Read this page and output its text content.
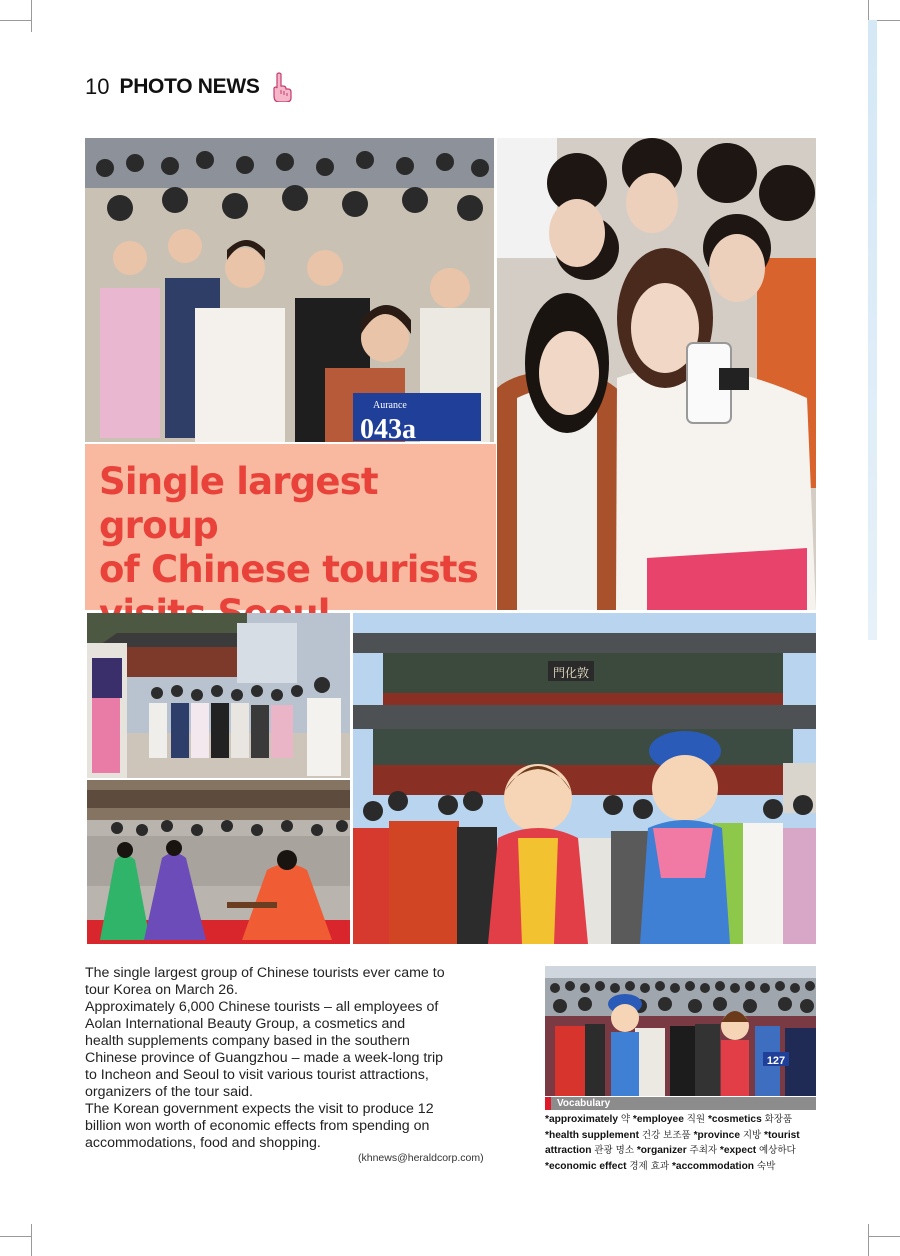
10 PHOTO NEWS
Aurance
043a
Single largest group
of Chinese tourists
門化敦

The single largest group of Chinese tourists ever came to tour Korea on March 26.

Approximately 6,000 Chinese tourists – all employees of Aolan International Beauty Group, a cosmetics and health supplements company based in the southern Chinese province of Guangzhou – made a week-long trip to Incheon and Seoul to visit various tourist attractions, organizers of the tour said.

The Korean government expects the visit to produce 12 billion won worth of economic effects from spending on accommodations, food and shopping.

(khnews@heraldcorp.com)
127
Vocabulary
*approximately 약 *employee 직원 *cosmetics 화장품 *health supplement 건강 보조품 *province 지방 *tourist attraction 관광 명소 *organizer 주최자 *expect 예상하다 *economic effect 경제 효과 *accommodation 숙박
